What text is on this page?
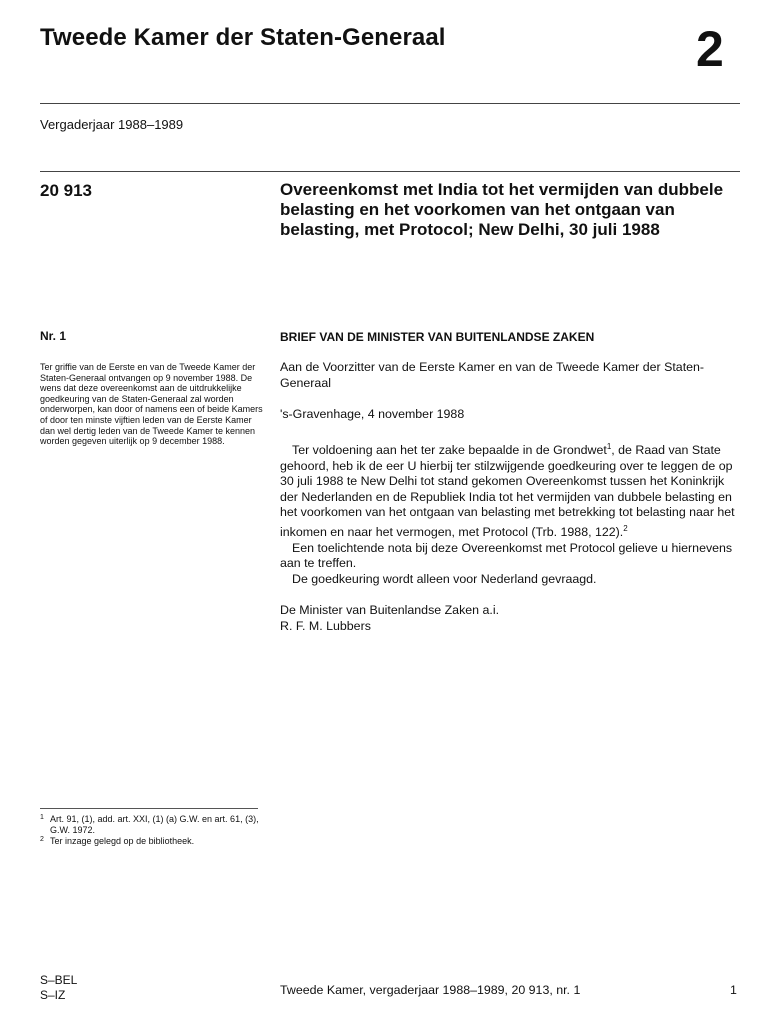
Tweede Kamer der Staten-Generaal	2
Vergaderjaar 1988–1989
20 913	Overeenkomst met India tot het vermijden van dubbele belasting en het voorkomen van het ontgaan van belasting, met Protocol; New Delhi, 30 juli 1988
Nr. 1
Ter griffie van de Eerste en van de Tweede Kamer der Staten-Generaal ontvangen op 9 november 1988. De wens dat deze overeenkomst aan de uitdrukkelijke goedkeuring van de Staten-Generaal zal worden onderworpen, kan door of namens een of beide Kamers of door ten minste vijftien leden van de Eerste Kamer dan wel dertig leden van de Tweede Kamer te kennen worden gegeven uiterlijk op 9 december 1988.
BRIEF VAN DE MINISTER VAN BUITENLANDSE ZAKEN

Aan de Voorzitter van de Eerste Kamer en van de Tweede Kamer der Staten-Generaal

's-Gravenhage, 4 november 1988

Ter voldoening aan het ter zake bepaalde in de Grondwet$^1$, de Raad van State gehoord, heb ik de eer U hierbij ter stilzwijgende goedkeuring over te leggen de op 30 juli 1988 te New Delhi tot stand gekomen Overeenkomst tussen het Koninkrijk der Nederlanden en de Republiek India tot het vermijden van dubbele belasting en het voorkomen van het ontgaan van belasting met betrekking tot belasting naar het inkomen en naar het vermogen, met Protocol (Trb. 1988, 122).$^2$

Een toelichtende nota bij deze Overeenkomst met Protocol gelieve u hiernevens aan te treffen.

De goedkeuring wordt alleen voor Nederland gevraagd.

De Minister van Buitenlandse Zaken a.i.

R. F. M. Lubbers

1 Art. 91, (1), add. art. XXI, (1) (a) G.W. en art. 61, (3), G.W. 1972.
2 Ter inzage gelegd op de bibliotheek.
S–BEL
S–IZ	Tweede Kamer, vergaderjaar 1988–1989, 20 913, nr. 1	1
